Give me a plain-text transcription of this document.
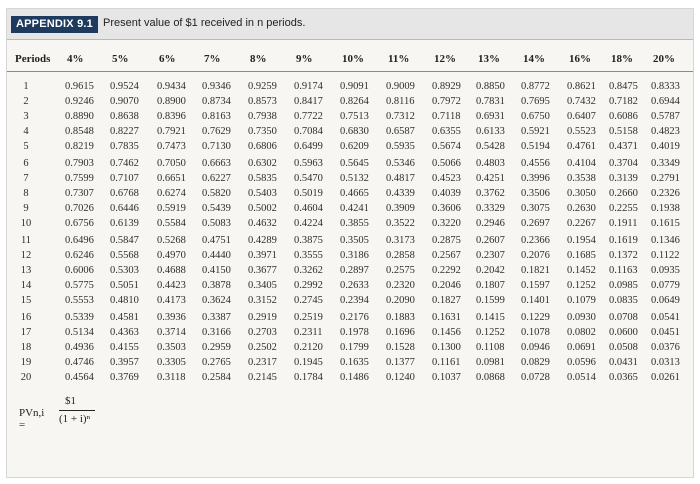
APPENDIX 9.1 Present value of $1 received in n periods.
Periods 4%	5%	6%	7%	8%	9%	10% 11% 12% 13% 14% 16% 18% 20%
1	0.9615	0.9524	0.9434	0.9346	0.9259	0.9174	0.9091	0.9009	0.8929	0.8850	0.8772	0.8621	0.8475	0.8333
2	0.9246	0.9070	0.8900	0.8734	0.8573	0.8417	0.8264	0.8116	0.7972	0.7831	0.7695	0.7432	0.7182	0.6944
3	0.8890	0.8638	0.8396	0.8163	0.7938	0.7722	0.7513	0.7312	0.7118	0.6931	0.6750	0.6407	0.6086	0.5787
4	0.8548	0.8227	0.7921	0.7629	0.7350	0.7084	0.6830	0.6587	0.6355	0.6133	0.5921	0.5523	0.5158	0.4823
5	0.8219	0.7835	0.7473	0.7130	0.6806	0.6499	0.6209	0.5935	0.5674	0.5428	0.5194	0.4761	0.4371	0.4019
6	0.7903	0.7462	0.7050	0.6663	0.6302	0.5963	0.5645	0.5346	0.5066	0.4803	0.4556	0.4104	0.3704	0.3349
7	0.7599	0.7107	0.6651	0.6227	0.5835	0.5470	0.5132	0.4817	0.4523	0.4251	0.3996	0.3538	0.3139	0.2791
8	0.7307	0.6768	0.6274	0.5820	0.5403	0.5019	0.4665	0.4339	0.4039	0.3762	0.3506	0.3050	0.2660	0.2326
9	0.7026	0.6446	0.5919	0.5439	0.5002	0.4604	0.4241	0.3909	0.3606	0.3329	0.3075	0.2630	0.2255	0.1938
10	0.6756	0.6139	0.5584	0.5083	0.4632	0.4224	0.3855	0.3522	0.3220	0.2946	0.2697	0.2267	0.1911	0.1615
11	0.6496	0.5847	0.5268	0.4751	0.4289	0.3875	0.3505	0.3173	0.2875	0.2607	0.2366	0.1954	0.1619	0.1346
12	0.6246	0.5568	0.4970	0.4440	0.3971	0.3555	0.3186	0.2858	0.2567	0.2307	0.2076	0.1685	0.1372	0.1122
13	0.6006	0.5303	0.4688	0.4150	0.3677	0.3262	0.2897	0.2575	0.2292	0.2042	0.1821	0.1452	0.1163	0.0935
14	0.5775	0.5051	0.4423	0.3878	0.3405	0.2992	0.2633	0.2320	0.2046	0.1807	0.1597	0.1252	0.0985	0.0779
15	0.5553	0.4810	0.4173	0.3624	0.3152	0.2745	0.2394	0.2090	0.1827	0.1599	0.1401	0.1079	0.0835	0.0649
16	0.5339	0.4581	0.3936	0.3387	0.2919	0.2519	0.2176	0.1883	0.1631	0.1415	0.1229	0.0930	0.0708	0.0541
17	0.5134	0.4363	0.3714	0.3166	0.2703	0.2311	0.1978	0.1696	0.1456	0.1252	0.1078	0.0802	0.0600	0.0451
18	0.4936	0.4155	0.3503	0.2959	0.2502	0.2120	0.1799	0.1528	0.1300	0.1108	0.0946	0.0691	0.0508	0.0376
19	0.4746	0.3957	0.3305	0.2765	0.2317	0.1945	0.1635	0.1377	0.1161	0.0981	0.0829	0.0596	0.0431	0.0313
20	0.4564	0.3769	0.3118	0.2584	0.2145	0.1784	0.1486	0.1240	0.1037	0.0868	0.0728	0.0514	0.0365	0.0261
PVn,i =
$1
(1 + i)ⁿ
